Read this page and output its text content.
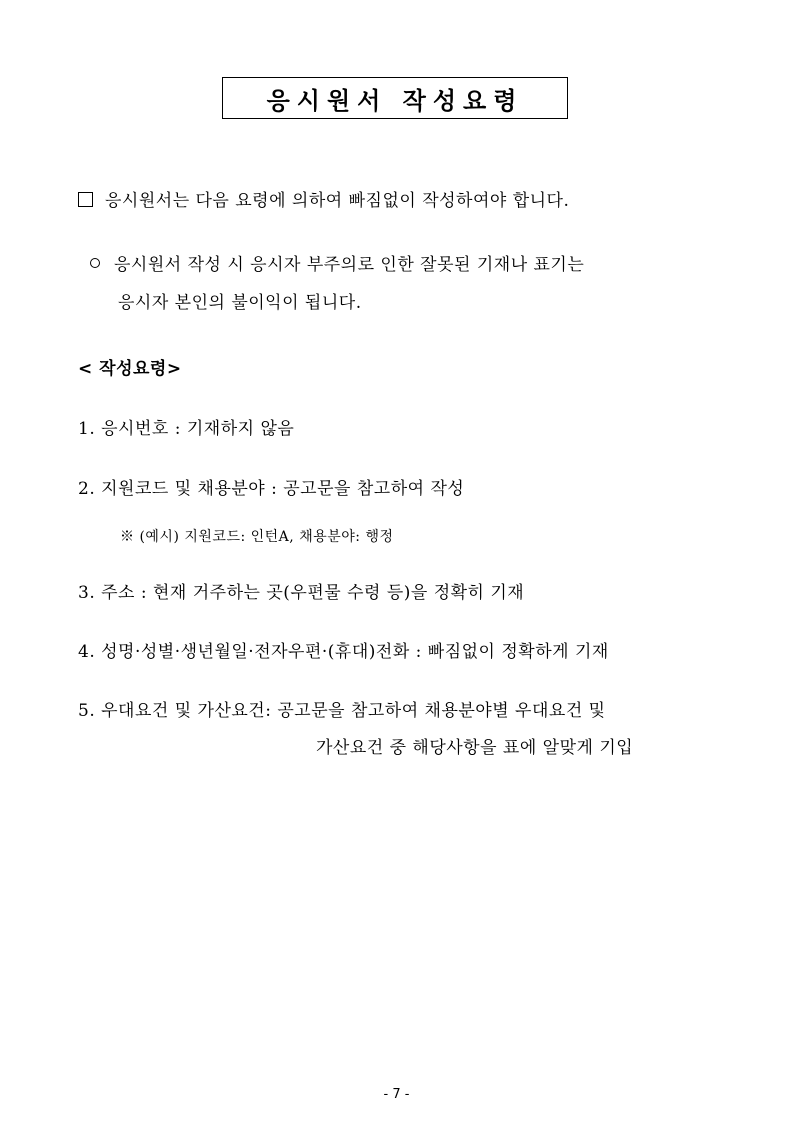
응시원서 작성요령
응시원서는 다음 요령에 의하여 빠짐없이 작성하여야 합니다.
응시원서 작성 시 응시자 부주의로 인한 잘못된 기재나 표기는
응시자 본인의 불이익이 됩니다.
< 작성요령>
1. 응시번호 : 기재하지 않음
2. 지원코드 및 채용분야 : 공고문을 참고하여 작성
※ (예시) 지원코드: 인턴A, 채용분야: 행정
3. 주소 : 현재 거주하는 곳(우편물 수령 등)을 정확히 기재
4. 성명·성별·생년월일·전자우편·(휴대)전화 : 빠짐없이 정확하게 기재
5. 우대요건 및 가산요건: 공고문을 참고하여 채용분야별 우대요건 및
가산요건 중 해당사항을 표에 알맞게 기입
- 7 -
